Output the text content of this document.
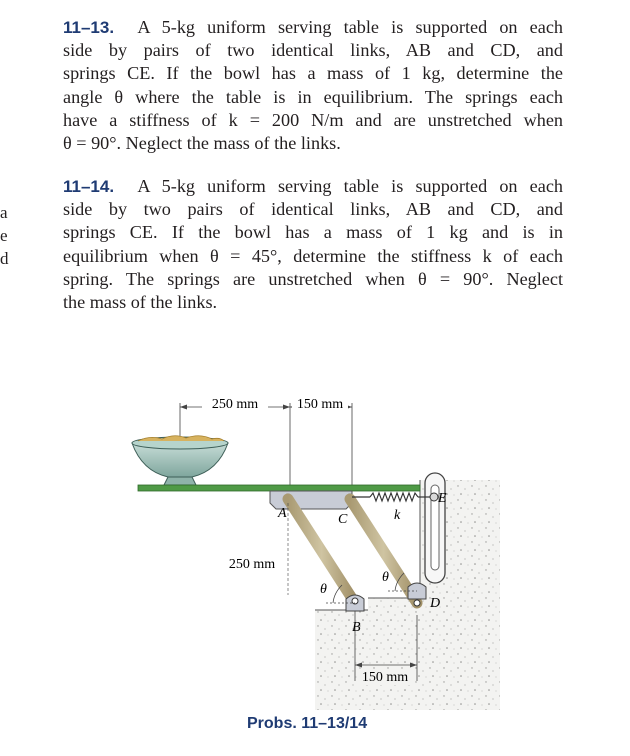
a
e
d
11–13. A 5-kg uniform serving table is supported on each
side by pairs of two identical links, AB and CD, and
springs CE. If the bowl has a mass of 1 kg, determine the
angle θ where the table is in equilibrium. The springs each
have a stiffness of k = 200 N/m and are unstretched when
θ = 90°. Neglect the mass of the links.
11–14. A 5-kg uniform serving table is supported on each
side by two pairs of identical links, AB and CD, and
springs CE. If the bowl has a mass of 1 kg and is in
equilibrium when θ = 45°, determine the stiffness k of each
spring. The springs are unstretched when θ = 90°. Neglect
the mass of the links.
250 mm	150 mm
250 mm
150 mm
A	C	k
E
B
D
θ
θ
Probs. 11–13/14
